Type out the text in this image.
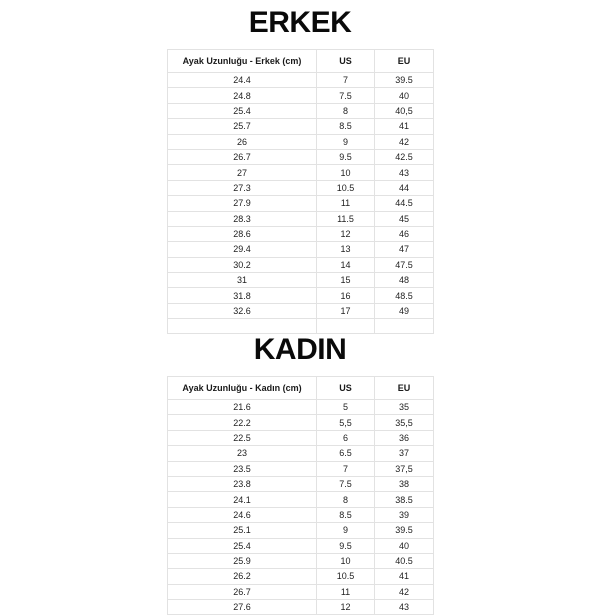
ERKEK
Ayak Uzunluğu - Erkek (cm)	US	EU
24.4	7	39.5
24.8	7.5	40
25.4	8	40,5
25.7	8.5	41
26	9	42
26.7	9.5	42.5
27	10	43
27.3	10.5	44
27.9	11	44.5
28.3	11.5	45
28.6	12	46
29.4	13	47
30.2	14	47.5
31	15	48
31.8	16	48.5
32.6	17	49

KADIN
Ayak Uzunluğu - Kadın (cm)	US	EU
21.6	5	35
22.2	5,5	35,5
22.5	6	36
23	6.5	37
23.5	7	37,5
23.8	7.5	38
24.1	8	38.5
24.6	8.5	39
25.1	9	39.5
25.4	9.5	40
25.9	10	40.5
26.2	10.5	41
26.7	11	42
27.6	12	43
